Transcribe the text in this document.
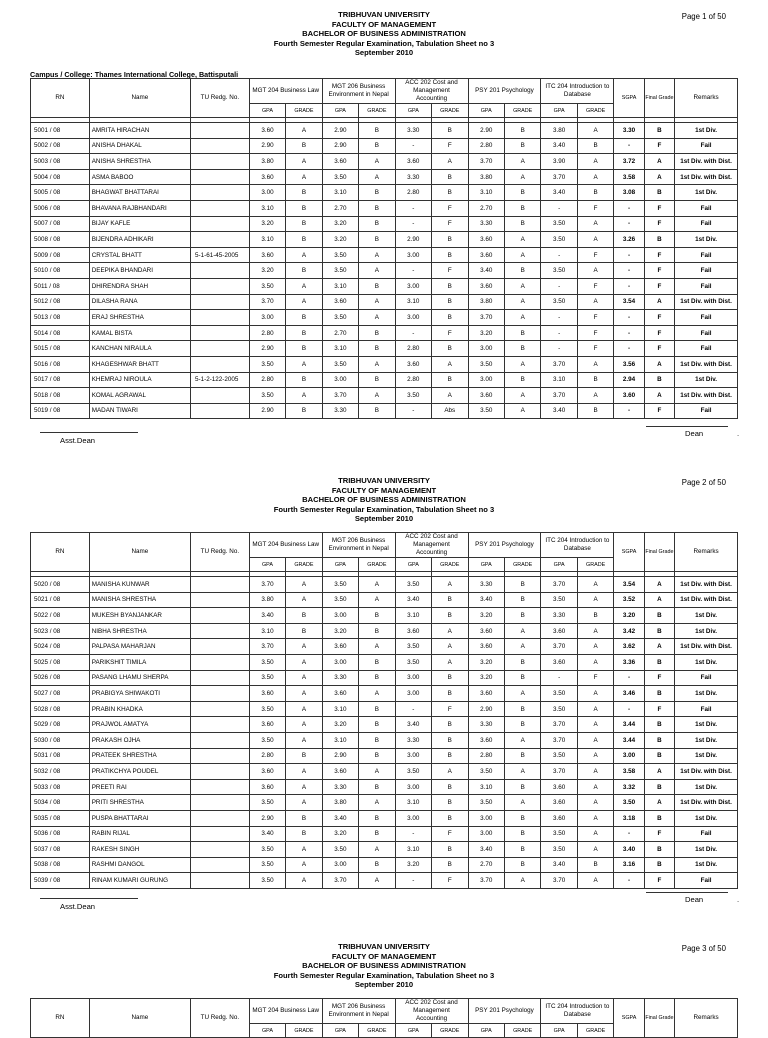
TRIBHUVAN UNIVERSITY
FACULTY OF MANAGEMENT
BACHELOR OF BUSINESS ADMINISTRATION
Fourth Semester Regular Examination, Tabulation Sheet no 3
September 2010
Page 1 of 50
Campus / College: Thames International College, Battisputali
RN	Name	TU Redg. No.	MGT 204 Business Law		MGT 206 Business Environment in Nepal		ACC 202 Cost and Management Accounting		PSY 201 Psychology		ITC 204 Introduction to Database		SGPA	Final Grade	Remarks
			GPA	GRADE	GPA	GRADE	GPA	GRADE	GPA	GRADE	GPA	GRADE			

5001 / 08	AMRITA HIRACHAN		3.60	A	2.90	B	3.30	B	2.90	B	3.80	A	3.30	B	1st Div.
5002 / 08	ANISHA DHAKAL		2.90	B	2.90	B	-	F	2.80	B	3.40	B	-	F	Fail
5003 / 08	ANISHA SHRESTHA		3.80	A	3.60	A	3.60	A	3.70	A	3.90	A	3.72	A	1st Div. with Dist.
5004 / 08	ASMA BABOO		3.60	A	3.50	A	3.30	B	3.80	A	3.70	A	3.58	A	1st Div. with Dist.
5005 / 08	BHAGWAT BHATTARAI		3.00	B	3.10	B	2.80	B	3.10	B	3.40	B	3.08	B	1st Div.
5006 / 08	BHAVANA RAJBHANDARI		3.10	B	2.70	B	-	F	2.70	B	-	F	-	F	Fail
5007 / 08	BIJAY KAFLE		3.20	B	3.20	B	-	F	3.30	B	3.50	A	-	F	Fail
5008 / 08	BIJENDRA ADHIKARI		3.10	B	3.20	B	2.90	B	3.60	A	3.50	A	3.26	B	1st Div.
5009 / 08	CRYSTAL BHATT	5-1-61-45-2005	3.60	A	3.50	A	3.00	B	3.60	A	-	F	-	F	Fail
5010 / 08	DEEPIKA BHANDARI		3.20	B	3.50	A	-	F	3.40	B	3.50	A	-	F	Fail
5011 / 08	DHIRENDRA SHAH		3.50	A	3.10	B	3.00	B	3.60	A	-	F	-	F	Fail
5012 / 08	DILASHA RANA		3.70	A	3.60	A	3.10	B	3.80	A	3.50	A	3.54	A	1st Div. with Dist.
5013 / 08	ERAJ SHRESTHA		3.00	B	3.50	A	3.00	B	3.70	A	-	F	-	F	Fail
5014 / 08	KAMAL BISTA		2.80	B	2.70	B	-	F	3.20	B	-	F	-	F	Fail
5015 / 08	KANCHAN NIRAULA		2.90	B	3.10	B	2.80	B	3.00	B	-	F	-	F	Fail
5016 / 08	KHAGESHWAR BHATT		3.50	A	3.50	A	3.60	A	3.50	A	3.70	A	3.56	A	1st Div. with Dist.
5017 / 08	KHEMRAJ NIROULA	5-1-2-122-2005	2.80	B	3.00	B	2.80	B	3.00	B	3.10	B	2.94	B	1st Div.
5018 / 08	KOMAL AGRAWAL		3.50	A	3.70	A	3.50	A	3.60	A	3.70	A	3.60	A	1st Div. with Dist.
5019 / 08	MADAN TIWARI		2.90	B	3.30	B	-	Abs	3.50	A	3.40	B	-	F	Fail
Asst.Dean
Dean	.
TRIBHUVAN UNIVERSITY
FACULTY OF MANAGEMENT
BACHELOR OF BUSINESS ADMINISTRATION
Fourth Semester Regular Examination, Tabulation Sheet no 3
September 2010
Page 2 of 50
RN	Name	TU Redg. No.	MGT 204 Business Law		MGT 206 Business Environment in Nepal		ACC 202 Cost and Management Accounting		PSY 201 Psychology		ITC 204 Introduction to Database		SGPA	Final Grade	Remarks
			GPA	GRADE	GPA	GRADE	GPA	GRADE	GPA	GRADE	GPA	GRADE			

5020 / 08	MANISHA KUNWAR		3.70	A	3.50	A	3.50	A	3.30	B	3.70	A	3.54	A	1st Div. with Dist.
5021 / 08	MANISHA SHRESTHA		3.80	A	3.50	A	3.40	B	3.40	B	3.50	A	3.52	A	1st Div. with Dist.
5022 / 08	MUKESH BYANJANKAR		3.40	B	3.00	B	3.10	B	3.20	B	3.30	B	3.20	B	1st Div.
5023 / 08	NIBHA SHRESTHA		3.10	B	3.20	B	3.60	A	3.60	A	3.60	A	3.42	B	1st Div.
5024 / 08	PALPASA MAHARJAN		3.70	A	3.60	A	3.50	A	3.60	A	3.70	A	3.62	A	1st Div. with Dist.
5025 / 08	PARIKSHIT TIMILA		3.50	A	3.00	B	3.50	A	3.20	B	3.60	A	3.36	B	1st Div.
5026 / 08	PASANG LHAMU SHERPA		3.50	A	3.30	B	3.00	B	3.20	B	-	F	-	F	Fail
5027 / 08	PRABIGYA SHIWAKOTI		3.60	A	3.60	A	3.00	B	3.60	A	3.50	A	3.46	B	1st Div.
5028 / 08	PRABIN KHADKA		3.50	A	3.10	B	-	F	2.90	B	3.50	A	-	F	Fail
5029 / 08	PRAJWOL AMATYA		3.60	A	3.20	B	3.40	B	3.30	B	3.70	A	3.44	B	1st Div.
5030 / 08	PRAKASH OJHA		3.50	A	3.10	B	3.30	B	3.60	A	3.70	A	3.44	B	1st Div.
5031 / 08	PRATEEK SHRESTHA		2.80	B	2.90	B	3.00	B	2.80	B	3.50	A	3.00	B	1st Div.
5032 / 08	PRATIKCHYA POUDEL		3.60	A	3.60	A	3.50	A	3.50	A	3.70	A	3.58	A	1st Div. with Dist.
5033 / 08	PREETI RAI		3.60	A	3.30	B	3.00	B	3.10	B	3.60	A	3.32	B	1st Div.
5034 / 08	PRITI SHRESTHA		3.50	A	3.80	A	3.10	B	3.50	A	3.60	A	3.50	A	1st Div. with Dist.
5035 / 08	PUSPA BHATTARAI		2.90	B	3.40	B	3.00	B	3.00	B	3.60	A	3.18	B	1st Div.
5036 / 08	RABIN RIJAL		3.40	B	3.20	B	-	F	3.00	B	3.50	A	-	F	Fail
5037 / 08	RAKESH SINGH		3.50	A	3.50	A	3.10	B	3.40	B	3.50	A	3.40	B	1st Div.
5038 / 08	RASHMI DANGOL		3.50	A	3.00	B	3.20	B	2.70	B	3.40	B	3.16	B	1st Div.
5039 / 08	RINAM KUMARI GURUNG		3.50	A	3.70	A	-	F	3.70	A	3.70	A	-	F	Fail
Asst.Dean
Dean	.
TRIBHUVAN UNIVERSITY
FACULTY OF MANAGEMENT
BACHELOR OF BUSINESS ADMINISTRATION
Fourth Semester Regular Examination, Tabulation Sheet no 3
September 2010
Page 3 of 50
RN	Name	TU Redg. No.	MGT 204 Business Law		MGT 206 Business Environment in Nepal		ACC 202 Cost and Management Accounting		PSY 201 Psychology		ITC 204 Introduction to Database		SGPA	Final Grade	Remarks
			GPA	GRADE	GPA	GRADE	GPA	GRADE	GPA	GRADE	GPA	GRADE			
